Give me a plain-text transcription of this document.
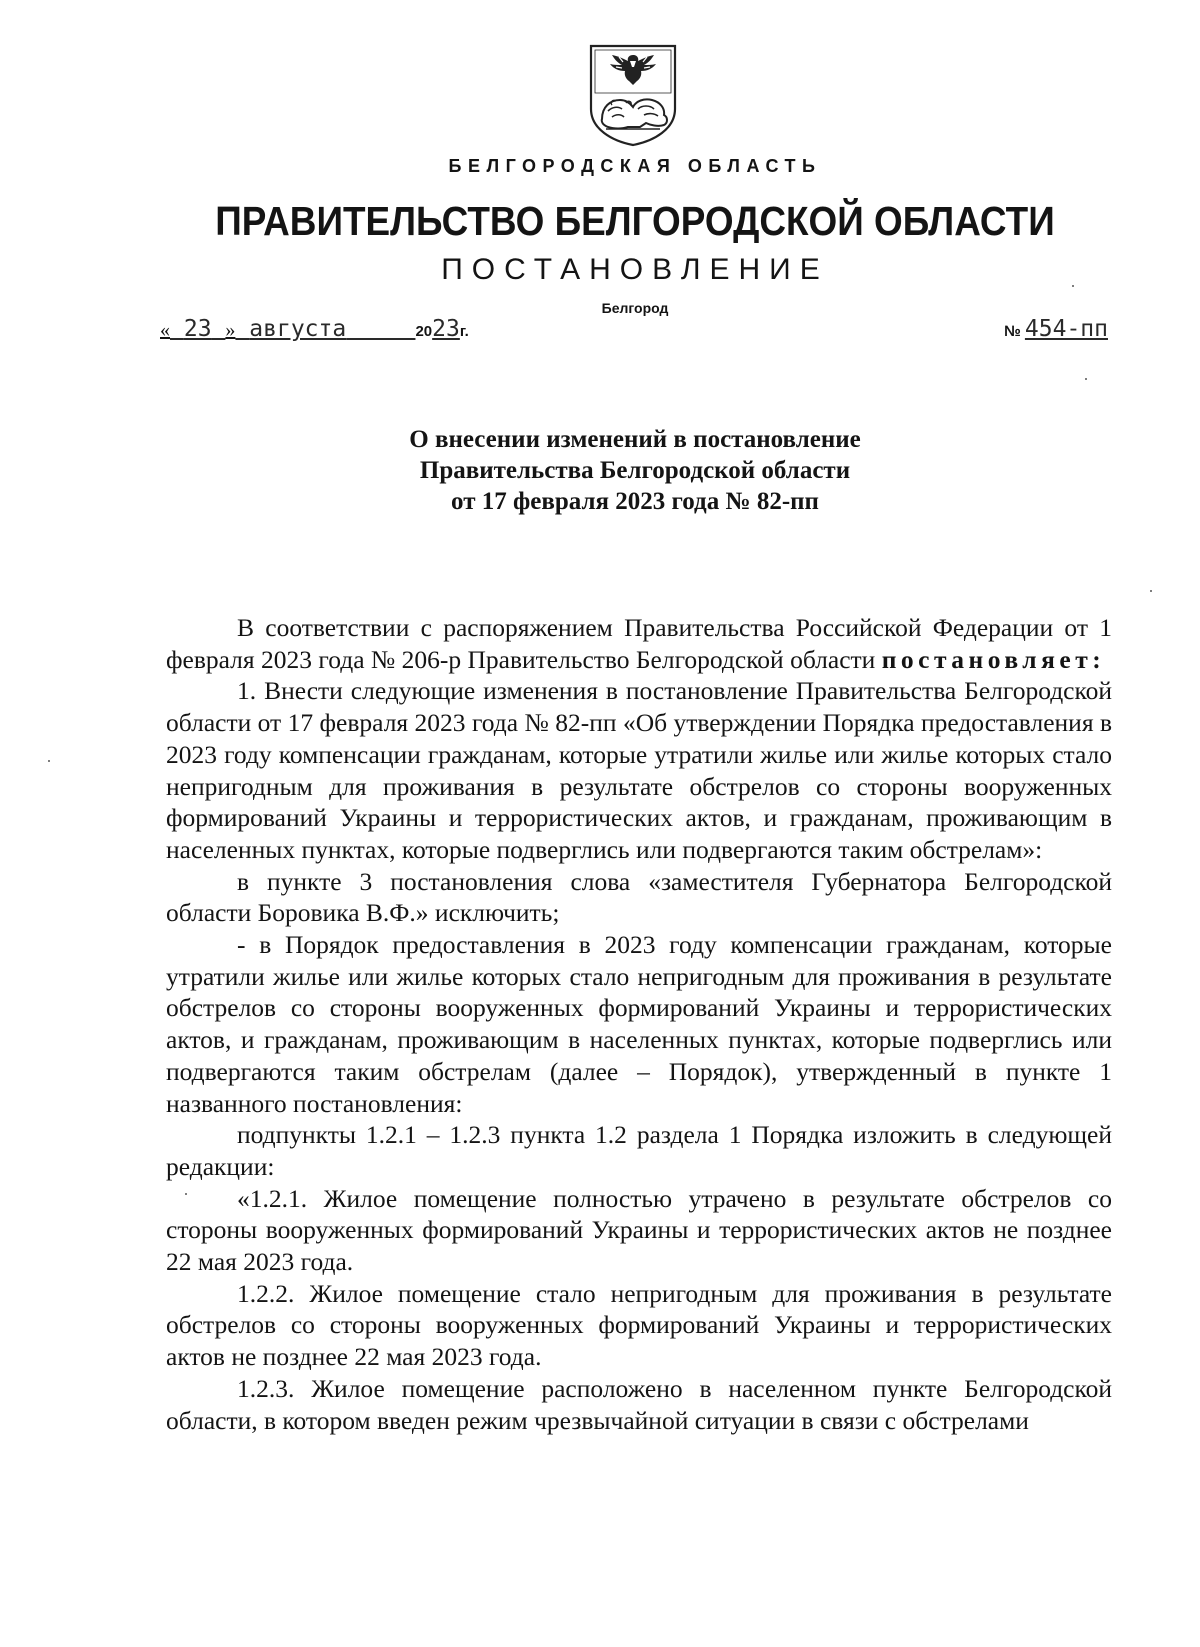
БЕЛГОРОДСКАЯ ОБЛАСТЬ
ПРАВИТЕЛЬСТВО БЕЛГОРОДСКОЙ ОБЛАСТИ
ПОСТАНОВЛЕНИЕ
Белгород
« 23 » августа	2023г.	№ 454-пп
О внесении изменений в постановление
Правительства Белгородской области
от 17 февраля 2023 года № 82-пп

В соответствии с распоряжением Правительства Российской Федерации от 1 февраля 2023 года № 206-р Правительство Белгородской области постановляет:

1. Внести следующие изменения в постановление Правительства Белгородской области от 17 февраля 2023 года № 82-пп «Об утверждении Порядка предоставления в 2023 году компенсации гражданам, которые утратили жилье или жилье которых стало непригодным для проживания в результате обстрелов со стороны вооруженных формирований Украины и террористических актов, и гражданам, проживающим в населенных пунктах, которые подверглись или подвергаются таким обстрелам»:

в пункте 3 постановления слова «заместителя Губернатора Белгородской области Боровика В.Ф.» исключить;

- в Порядок предоставления в 2023 году компенсации гражданам, которые утратили жилье или жилье которых стало непригодным для проживания в результате обстрелов со стороны вооруженных формирований Украины и террористических актов, и гражданам, проживающим в населенных пунктах, которые подверглись или подвергаются таким обстрелам (далее – Порядок), утвержденный в пункте 1 названного постановления:

подпункты 1.2.1 – 1.2.3 пункта 1.2 раздела 1 Порядка изложить в следующей редакции:

«1.2.1. Жилое помещение полностью утрачено в результате обстрелов со стороны вооруженных формирований Украины и террористических актов не позднее 22 мая 2023 года.

1.2.2. Жилое помещение стало непригодным для проживания в результате обстрелов со стороны вооруженных формирований Украины и террористических актов не позднее 22 мая 2023 года.

1.2.3. Жилое помещение расположено в населенном пункте Белгородской области, в котором введен режим чрезвычайной ситуации в связи с обстрелами
